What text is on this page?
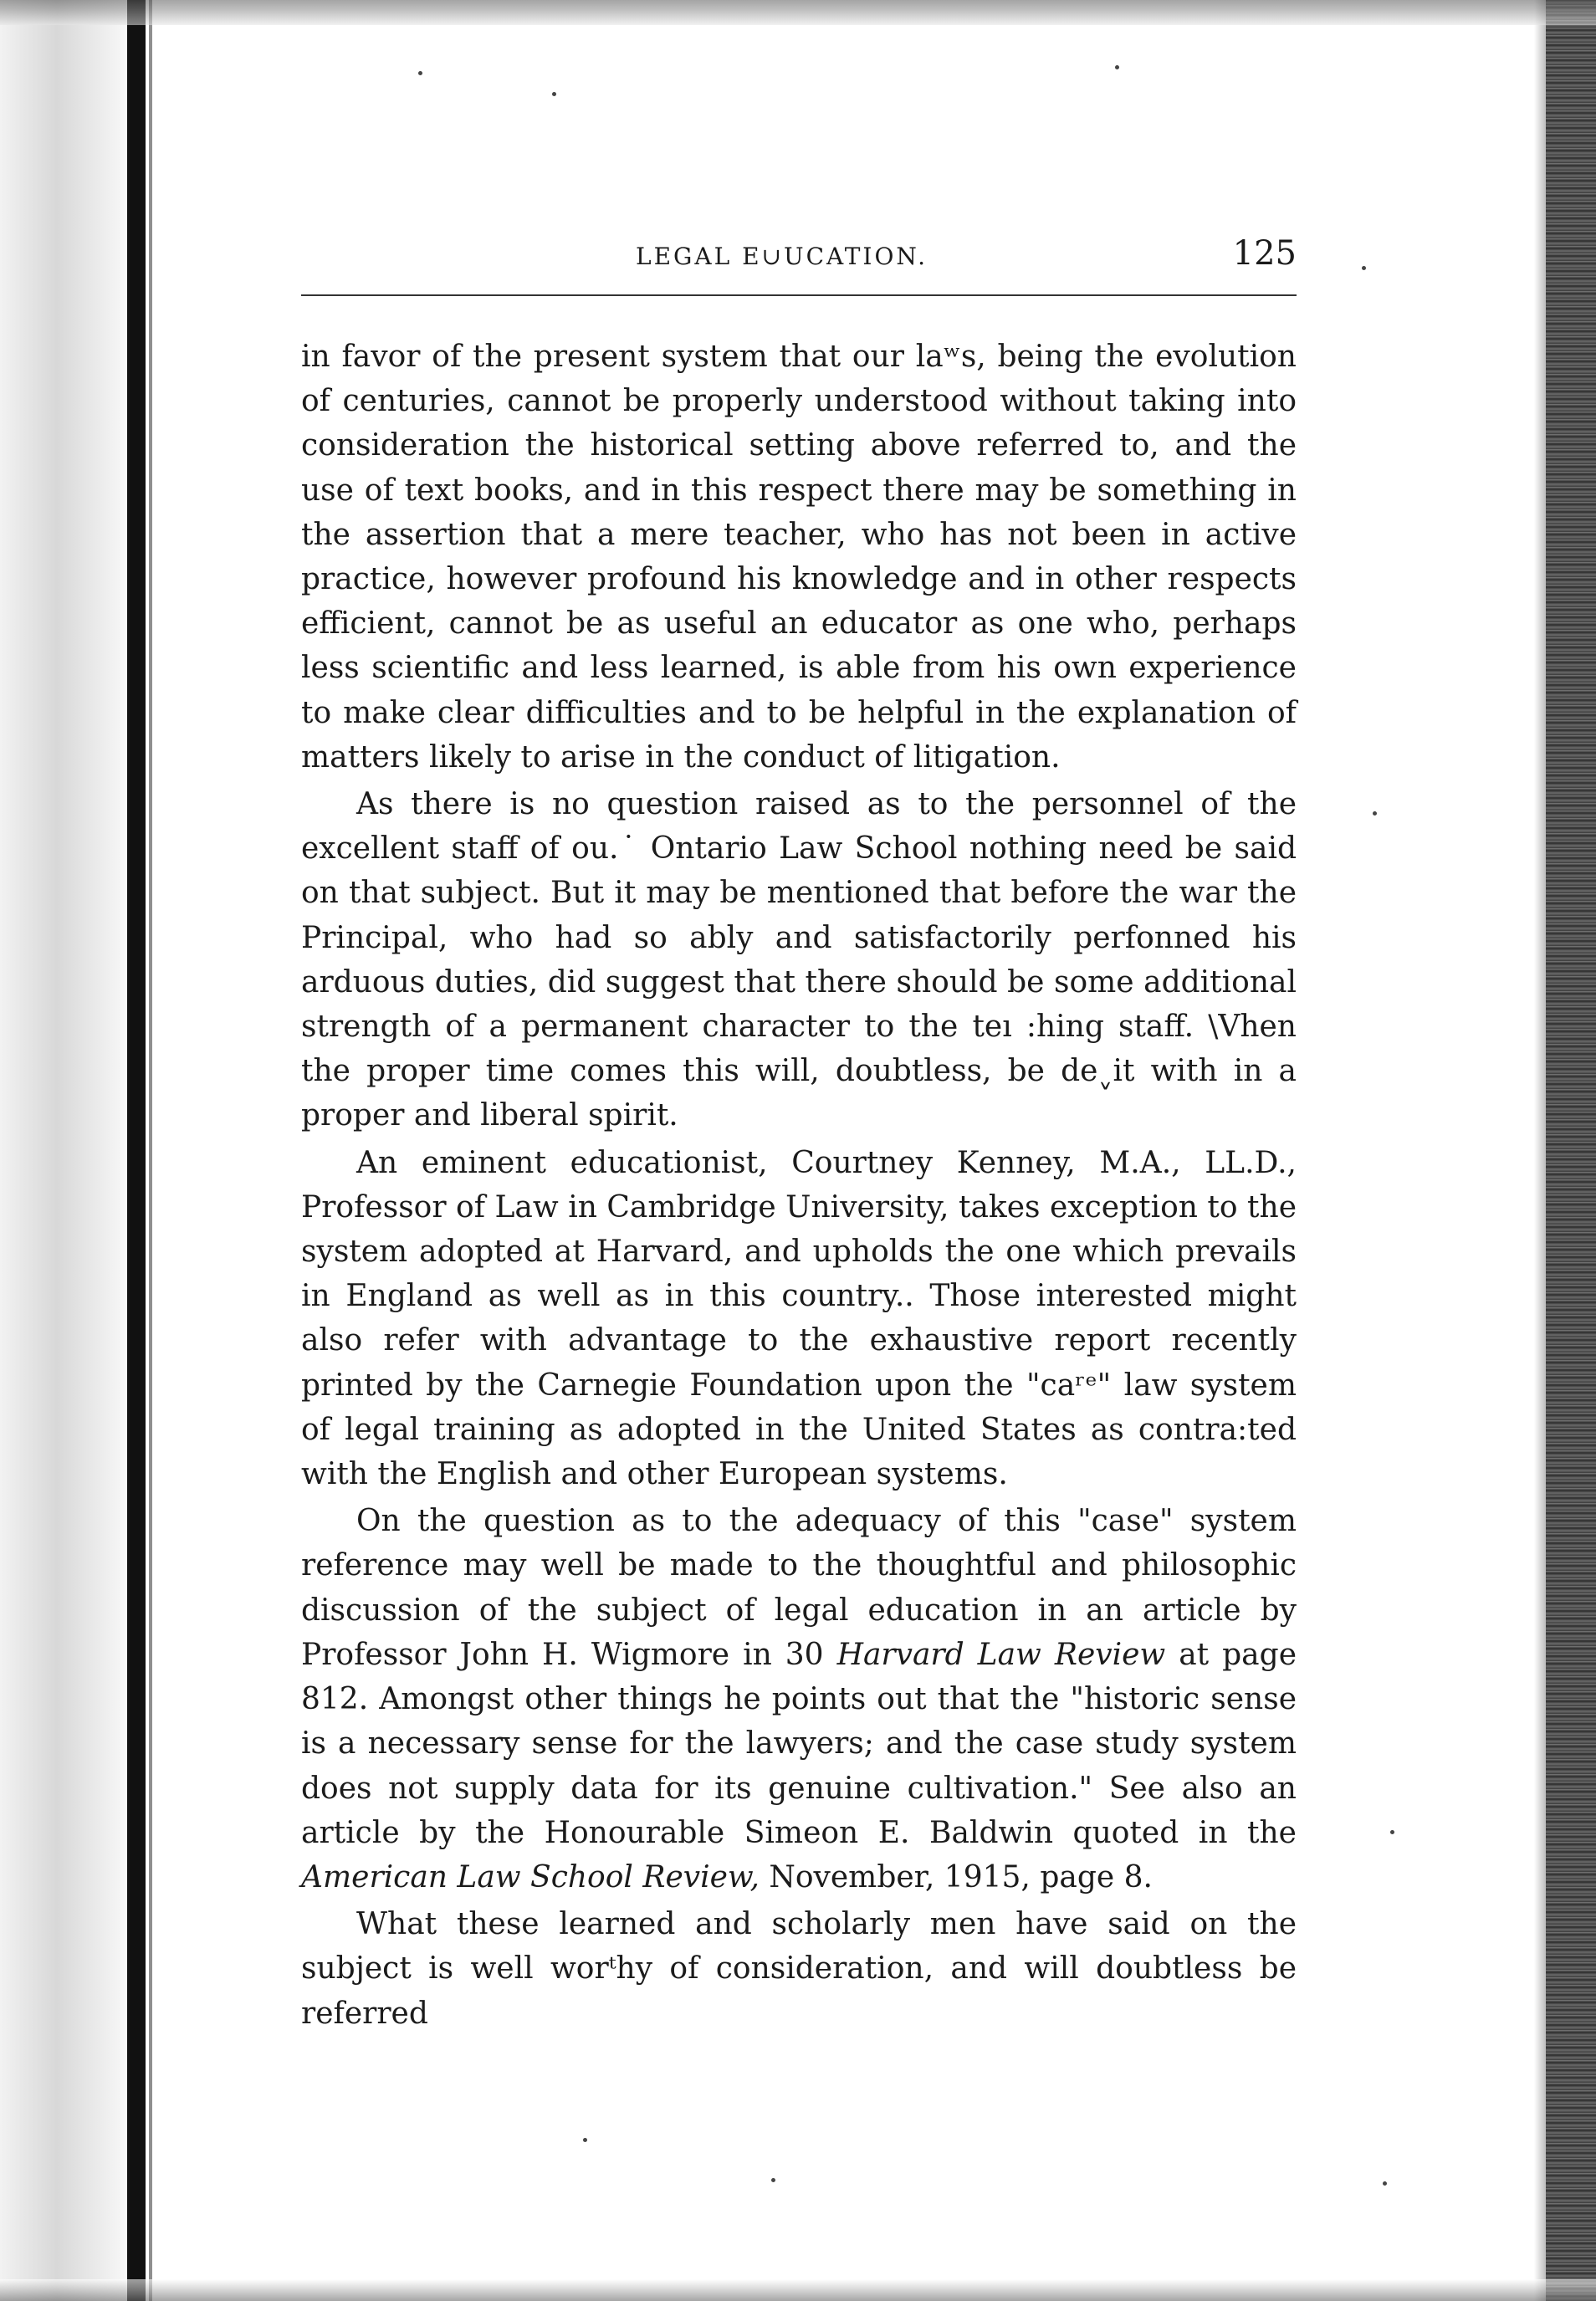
LEGAL E∪UCATION.	125

in favor of the present system that our laʷs, being the evolution of centuries, cannot be properly understood without taking into consideration the historical setting above referred to, and the use of text books, and in this respect there may be something in the assertion that a mere teacher, who has not been in active practice, however profound his knowledge and in other respects efficient, cannot be as useful an educator as one who, perhaps less scientific and less learned, is able from his own experience to make clear difficulties and to be helpful in the explanation of matters likely to arise in the conduct of litigation.

As there is no question raised as to the personnel of the excellent staff of ou.˙ Ontario Law School nothing need be said on that subject. But it may be mentioned that before the war the Principal, who had so ably and satisfactorily perfonned his arduous duties, did suggest that there should be some additional strength of a permanent character to the teı :hing staff. \Vhen the proper time comes this will, doubtless, be deˬit with in a proper and liberal spirit.

An eminent educationist, Courtney Kenney, M.A., LL.D., Professor of Law in Cambridge University, takes exception to the system adopted at Harvard, and upholds the one which prevails in England as well as in this country.. Those interested might also refer with advantage to the exhaustive report recently printed by the Carnegie Foundation upon the "caʳᵉ" law system of legal training as adopted in the United States as contra:ted with the English and other European systems.

On the question as to the adequacy of this "case" system reference may well be made to the thoughtful and philosophic discussion of the subject of legal education in an article by Professor John H. Wigmore in 30 Harvard Law Review at page 812. Amongst other things he points out that the "historic sense is a necessary sense for the lawyers; and the case study system does not supply data for its genuine cultivation." See also an article by the Honourable Simeon E. Baldwin quoted in the American Law School Review, November, 1915, page 8.

What these learned and scholarly men have said on the subject is well worᵗhy of consideration, and will doubtless be referred
